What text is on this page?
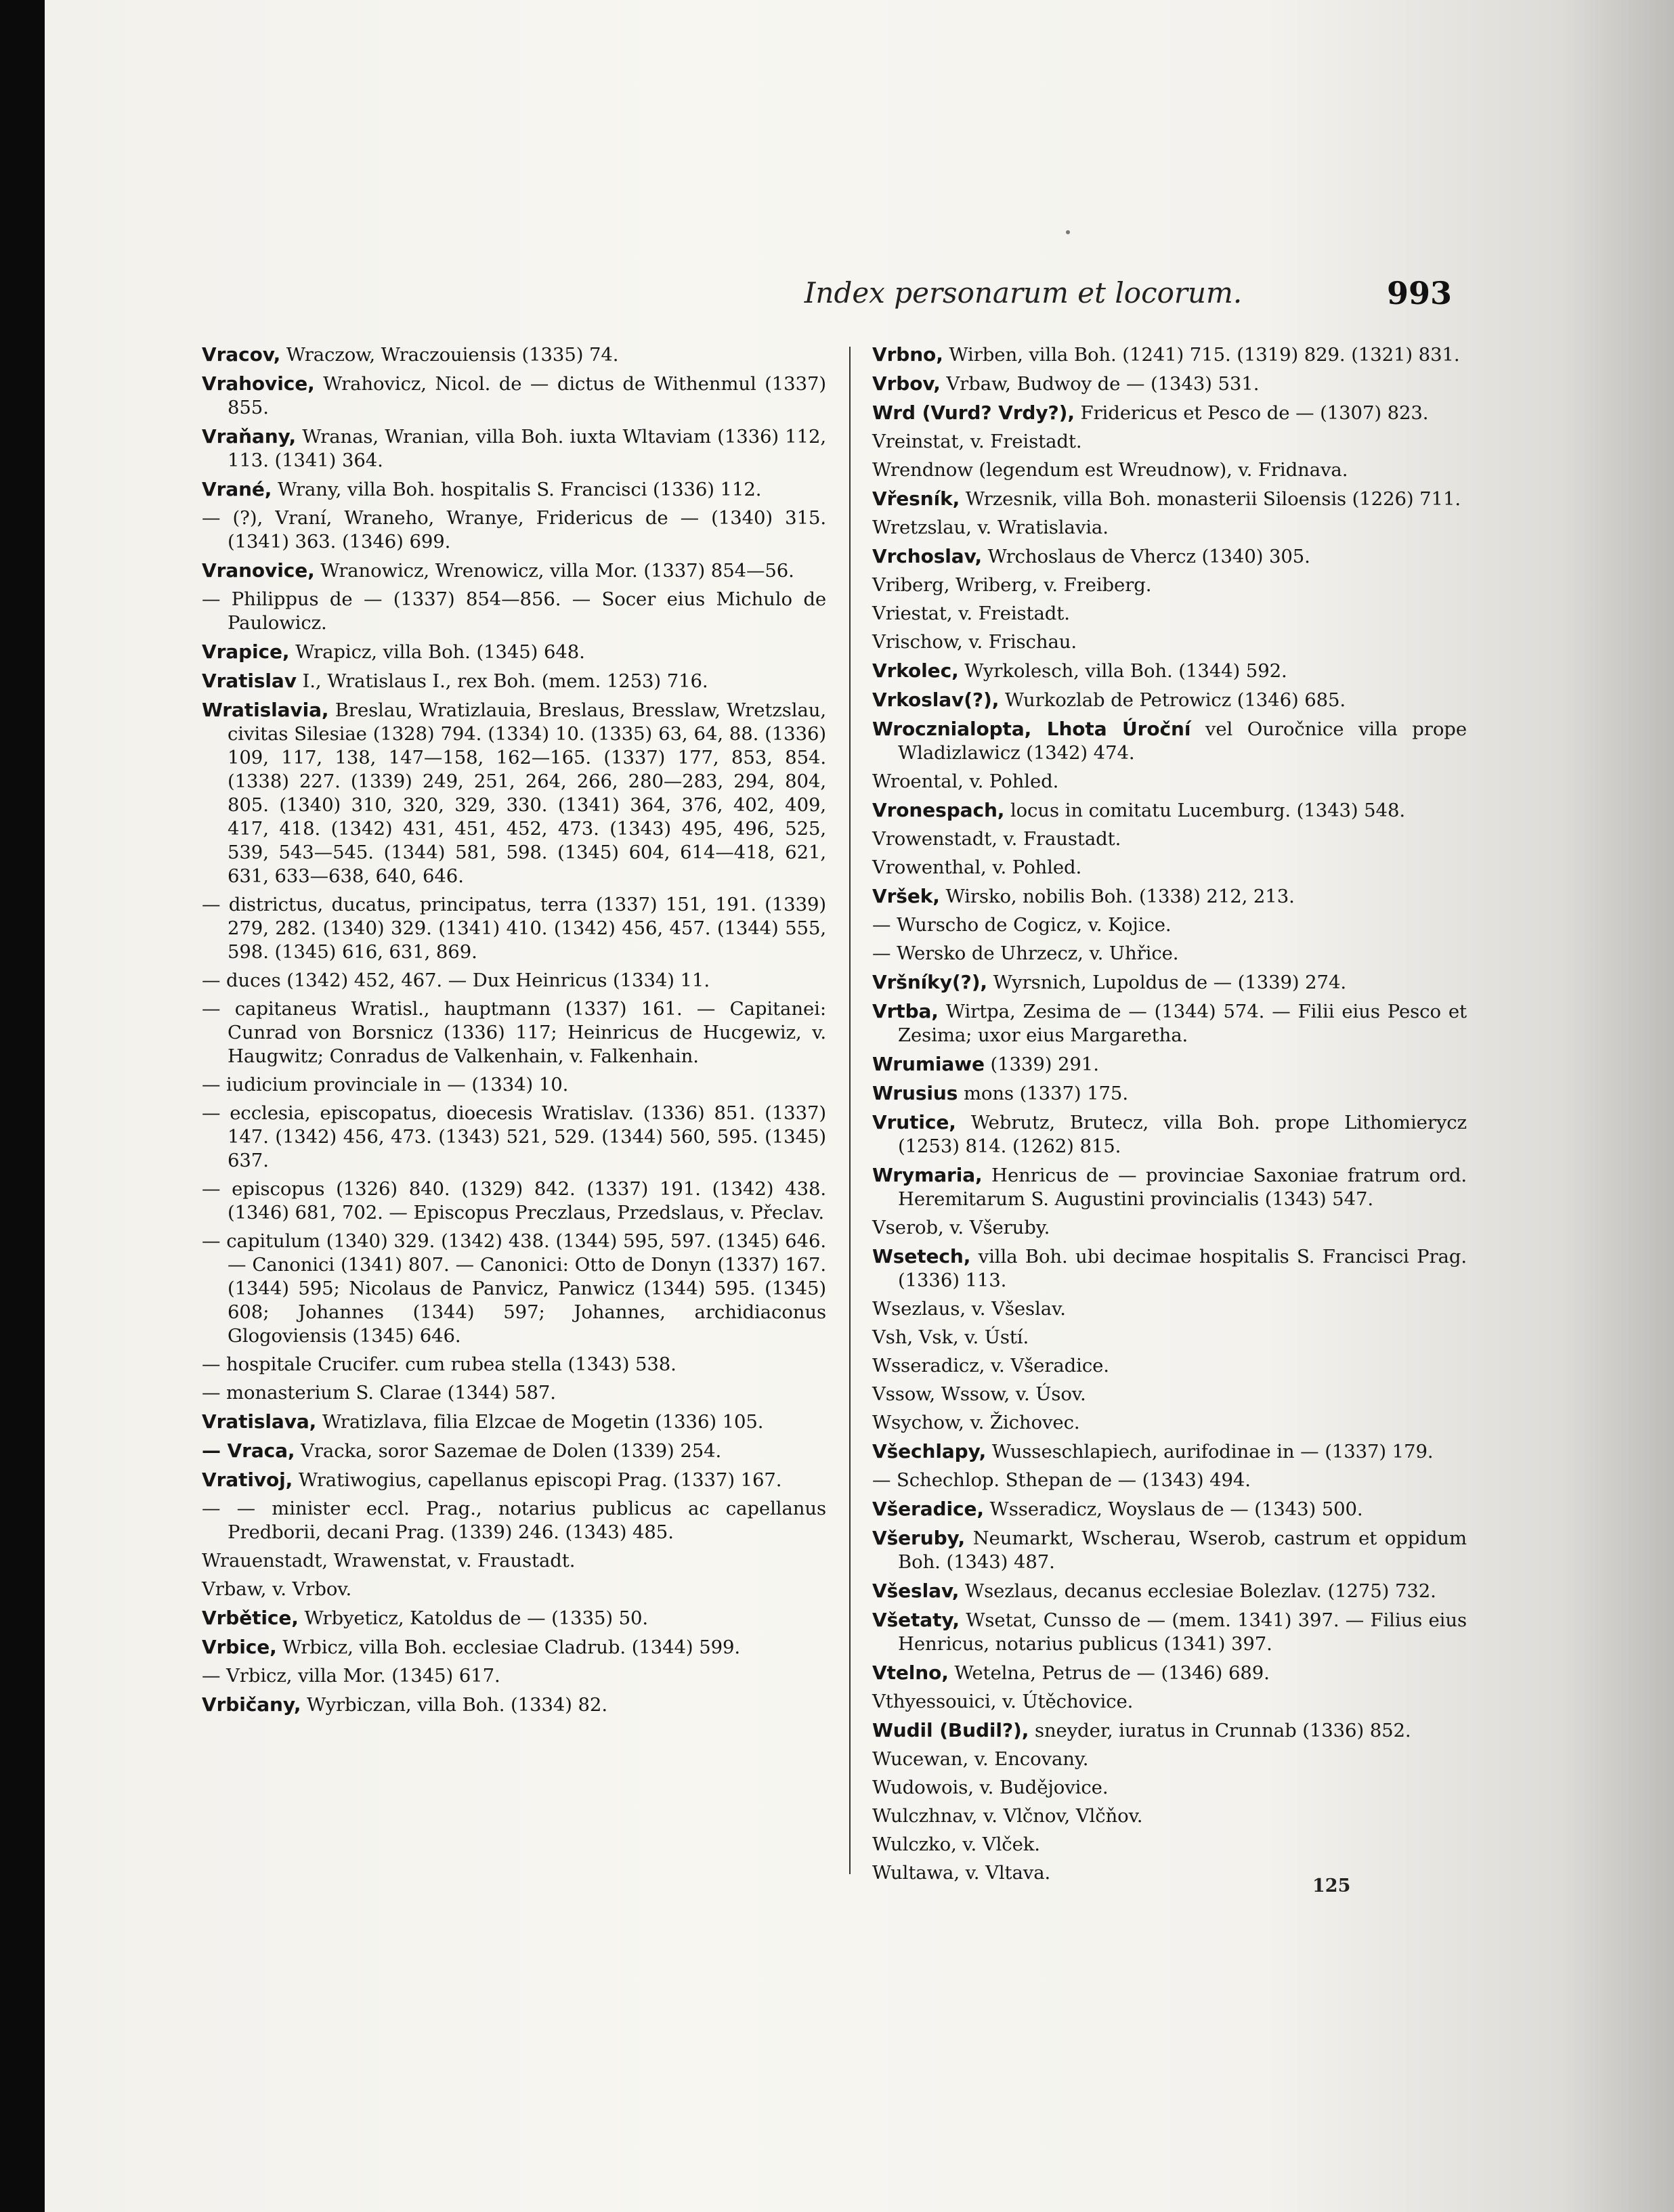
Index personarum et locorum.	993

Vracov, Wraczow, Wraczouiensis (1335) 74.

Vrahovice, Wrahovicz, Nicol. de — dictus de Withenmul (1337) 855.

Vraňany, Wranas, Wranian, villa Boh. iuxta Wltaviam (1336) 112, 113. (1341) 364.

Vrané, Wrany, villa Boh. hospitalis S. Francisci (1336) 112.

— (?), Vraní, Wraneho, Wranye, Fridericus de — (1340) 315. (1341) 363. (1346) 699.

Vranovice, Wranowicz, Wrenowicz, villa Mor. (1337) 854—56.

— Philippus de — (1337) 854—856. — Socer eius Michulo de Paulowicz.

Vrapice, Wrapicz, villa Boh. (1345) 648.

Vratislav I., Wratislaus I., rex Boh. (mem. 1253) 716.

Wratislavia, Breslau, Wratizlauia, Breslaus, Bresslaw, Wretzslau, civitas Silesiae (1328) 794. (1334) 10. (1335) 63, 64, 88. (1336) 109, 117, 138, 147—158, 162—165. (1337) 177, 853, 854. (1338) 227. (1339) 249, 251, 264, 266, 280—283, 294, 804, 805. (1340) 310, 320, 329, 330. (1341) 364, 376, 402, 409, 417, 418. (1342) 431, 451, 452, 473. (1343) 495, 496, 525, 539, 543—545. (1344) 581, 598. (1345) 604, 614—418, 621, 631, 633—638, 640, 646.

— districtus, ducatus, principatus, terra (1337) 151, 191. (1339) 279, 282. (1340) 329. (1341) 410. (1342) 456, 457. (1344) 555, 598. (1345) 616, 631, 869.

— duces (1342) 452, 467. — Dux Heinricus (1334) 11.

— capitaneus Wratisl., hauptmann (1337) 161. — Capitanei: Cunrad von Borsnicz (1336) 117; Heinricus de Hucgewiz, v. Haugwitz; Conradus de Valkenhain, v. Falkenhain.

— iudicium provinciale in — (1334) 10.

— ecclesia, episcopatus, dioecesis Wratislav. (1336) 851. (1337) 147. (1342) 456, 473. (1343) 521, 529. (1344) 560, 595. (1345) 637.

— episcopus (1326) 840. (1329) 842. (1337) 191. (1342) 438. (1346) 681, 702. — Episcopus Preczlaus, Przedslaus, v. Přeclav.

— capitulum (1340) 329. (1342) 438. (1344) 595, 597. (1345) 646. — Canonici (1341) 807. — Canonici: Otto de Donyn (1337) 167. (1344) 595; Nicolaus de Panvicz, Panwicz (1344) 595. (1345) 608; Johannes (1344) 597; Johannes, archidiaconus Glogoviensis (1345) 646.

— hospitale Crucifer. cum rubea stella (1343) 538.

— monasterium S. Clarae (1344) 587.

Vratislava, Wratizlava, filia Elzcae de Mogetin (1336) 105.

— Vraca, Vracka, soror Sazemae de Dolen (1339) 254.

Vrativoj, Wratiwogius, capellanus episcopi Prag. (1337) 167.

— — minister eccl. Prag., notarius publicus ac capellanus Predborii, decani Prag. (1339) 246. (1343) 485.

Wrauenstadt, Wrawenstat, v. Fraustadt.

Vrbaw, v. Vrbov.

Vrbětice, Wrbyeticz, Katoldus de — (1335) 50.

Vrbice, Wrbicz, villa Boh. ecclesiae Cladrub. (1344) 599.

— Vrbicz, villa Mor. (1345) 617.

Vrbičany, Wyrbiczan, villa Boh. (1334) 82.

Vrbno, Wirben, villa Boh. (1241) 715. (1319) 829. (1321) 831.

Vrbov, Vrbaw, Budwoy de — (1343) 531.

Wrd (Vurd? Vrdy?), Fridericus et Pesco de — (1307) 823.

Vreinstat, v. Freistadt.

Wrendnow (legendum est Wreudnow), v. Fridnava.

Vřesník, Wrzesnik, villa Boh. monasterii Siloensis (1226) 711.

Wretzslau, v. Wratislavia.

Vrchoslav, Wrchoslaus de Vhercz (1340) 305.

Vriberg, Wriberg, v. Freiberg.

Vriestat, v. Freistadt.

Vrischow, v. Frischau.

Vrkolec, Wyrkolesch, villa Boh. (1344) 592.

Vrkoslav(?), Wurkozlab de Petrowicz (1346) 685.

Wrocznialopta, Lhota Úroční vel Ouročnice villa prope Wladizlawicz (1342) 474.

Wroental, v. Pohled.

Vronespach, locus in comitatu Lucemburg. (1343) 548.

Vrowenstadt, v. Fraustadt.

Vrowenthal, v. Pohled.

Vršek, Wirsko, nobilis Boh. (1338) 212, 213.

— Wurscho de Cogicz, v. Kojice.

— Wersko de Uhrzecz, v. Uhřice.

Vršníky(?), Wyrsnich, Lupoldus de — (1339) 274.

Vrtba, Wirtpa, Zesima de — (1344) 574. — Filii eius Pesco et Zesima; uxor eius Margaretha.

Wrumiawe (1339) 291.

Wrusius mons (1337) 175.

Vrutice, Webrutz, Brutecz, villa Boh. prope Lithomierycz (1253) 814. (1262) 815.

Wrymaria, Henricus de — provinciae Saxoniae fratrum ord. Heremitarum S. Augustini provincialis (1343) 547.

Vserob, v. Všeruby.

Wsetech, villa Boh. ubi decimae hospitalis S. Francisci Prag. (1336) 113.

Wsezlaus, v. Všeslav.

Vsh, Vsk, v. Ústí.

Wsseradicz, v. Všeradice.

Vssow, Wssow, v. Úsov.

Wsychow, v. Žichovec.

Všechlapy, Wusseschlapiech, aurifodinae in — (1337) 179.

— Schechlop. Sthepan de — (1343) 494.

Všeradice, Wsseradicz, Woyslaus de — (1343) 500.

Všeruby, Neumarkt, Wscherau, Wserob, castrum et oppidum Boh. (1343) 487.

Všeslav, Wsezlaus, decanus ecclesiae Bolezlav. (1275) 732.

Všetaty, Wsetat, Cunsso de — (mem. 1341) 397. — Filius eius Henricus, notarius publicus (1341) 397.

Vtelno, Wetelna, Petrus de — (1346) 689.

Vthyessouici, v. Útěchovice.

Wudil (Budil?), sneyder, iuratus in Crunnab (1336) 852.

Wucewan, v. Encovany.

Wudowois, v. Budějovice.

Wulczhnav, v. Vlčnov, Vlčňov.

Wulczko, v. Vlček.

Wultawa, v. Vltava.

125
